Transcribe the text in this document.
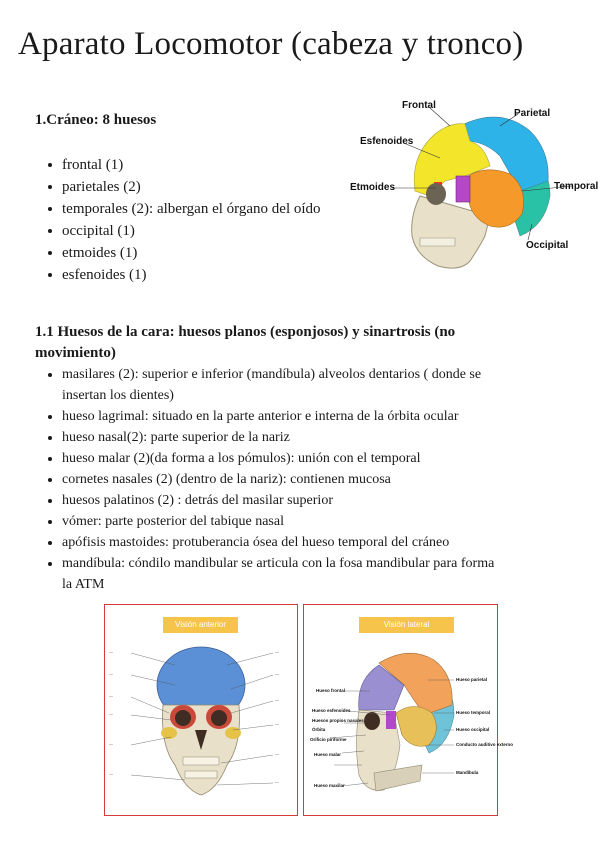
Aparato Locomotor (cabeza y tronco)
1.Cráneo: 8 huesos
frontal (1)
parietales (2)
temporales (2): albergan el órgano del oído
occipital (1)
etmoides (1)
esfenoides (1)
Frontal
Parietal
Esfenoides
Etmoides	Temporal
Occipital
1.1 Huesos de la cara: huesos planos (esponjosos) y sinartrosis (no
movimiento)
masilares (2): superior e inferior (mandíbula) alveolos dentarios ( donde se
insertan los dientes)
hueso lagrimal: situado en la parte anterior e interna de la órbita ocular
hueso nasal(2): parte superior de la nariz
hueso malar (2)(da forma a los pómulos): unión con el temporal
cornetes nasales (2) (dentro de la nariz): contienen mucosa
huesos palatinos (2) : detrás del masilar superior
vómer: parte posterior del tabique nasal
apófisis mastoides: protuberancia ósea del hueso temporal del cráneo
mandíbula: cóndilo mandibular se articula con la fosa mandibular para forma
la ATM
Visión anterior
—
—
—
—
—
—
—
—
—
—
—
—
Visión lateral
Hueso frontal
Hueso esfenoides
Huesos propios nasales
Órbita
Orificio piriforme
Hueso malar
Hueso maxilar
Hueso parietal
Hueso temporal
Hueso occipital
Conducto auditivo externo
Mandíbula
